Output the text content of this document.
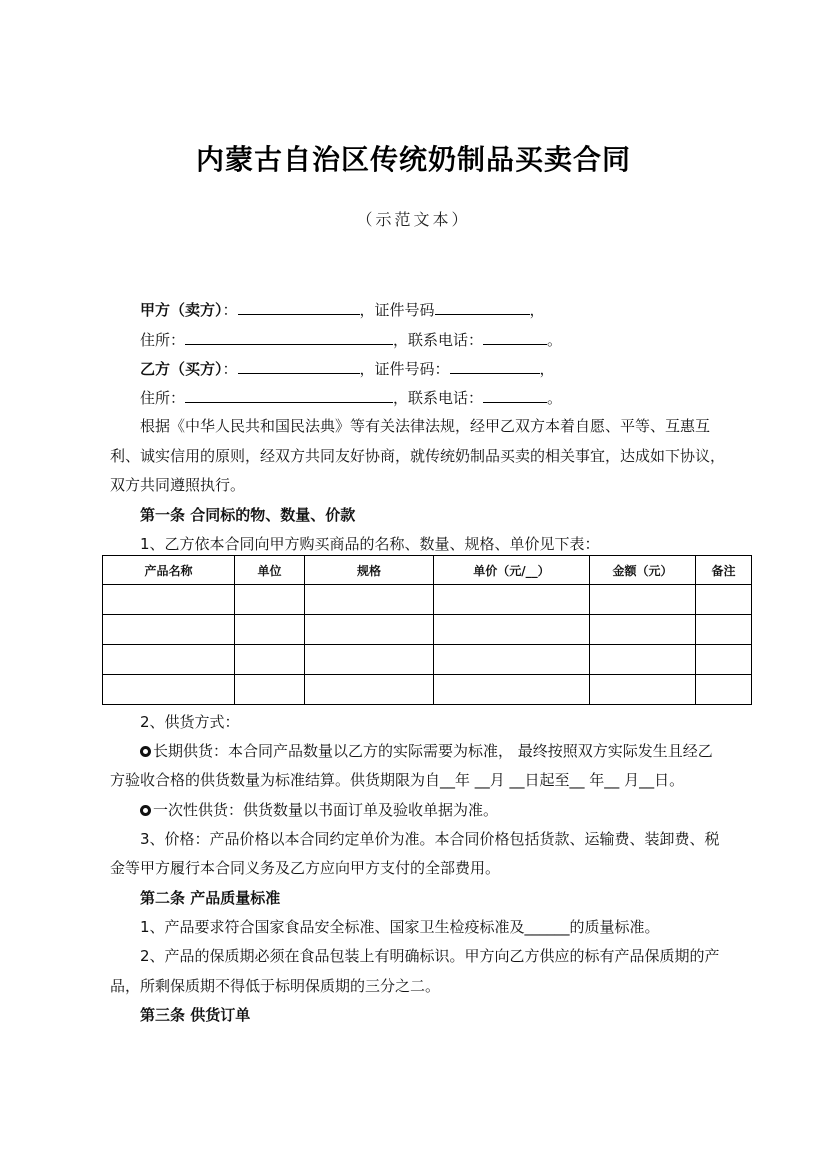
内蒙古自治区传统奶制品买卖合同
（示范文本）
甲方（卖方）：	，证件号码	，
住所：	，联系电话：	。
乙方（买方）：	，证件号码：	，
住所：	，联系电话：	。
根据《中华人民共和国民法典》等有关法律法规，经甲乙双方本着自愿、平等、互惠互
利、诚实信用的原则，经双方共同友好协商，就传统奶制品买卖的相关事宜，达成如下协议，
双方共同遵照执行。
第一条 合同标的物、数量、价款
1、乙方依本合同向甲方购买商品的名称、数量、规格、单价见下表：
产品名称	单位	规格	单价（元/__）	金额（元）	备注

2、供货方式：
长期供货：本合同产品数量以乙方的实际需要为标准， 最终按照双方实际发生且经乙
方验收合格的供货数量为标准结算。供货期限为自__年 __月 __日起至__ 年__ 月__日。
一次性供货：供货数量以书面订单及验收单据为准。
3、价格：产品价格以本合同约定单价为准。本合同价格包括货款、运输费、装卸费、税
金等甲方履行本合同义务及乙方应向甲方支付的全部费用。
第二条 产品质量标准
1、产品要求符合国家食品安全标准、国家卫生检疫标准及______的质量标准。
2、产品的保质期必须在食品包装上有明确标识。甲方向乙方供应的标有产品保质期的产
品，所剩保质期不得低于标明保质期的三分之二。
第三条 供货订单
